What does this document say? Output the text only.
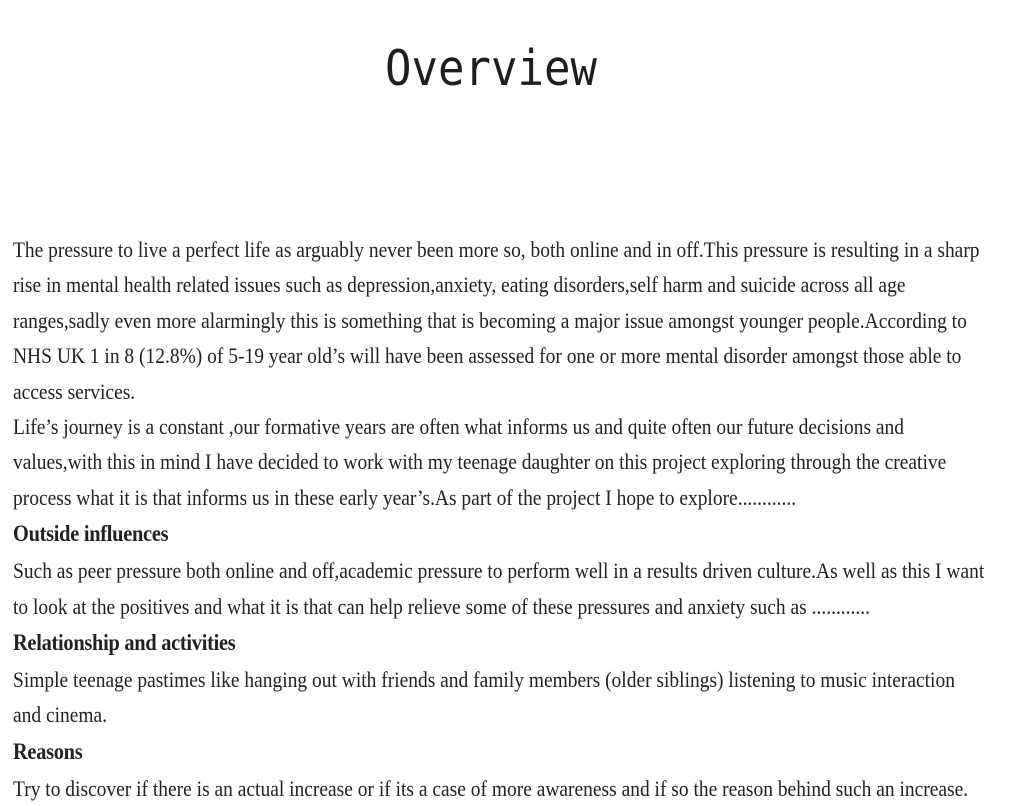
Overview

The pressure to live a perfect life as arguably never been more so, both online and in off.This pressure is resulting in a sharp rise in mental health related issues such as depression,anxiety, eating disorders,self harm and suicide across all age ranges,sadly even more alarmingly this is something that is becoming a major issue amongst younger people.According to NHS UK 1 in 8 (12.8%) of 5-19 year old’s will have been assessed for one or more mental disorder amongst those able to access services.

Life’s journey is a constant ,our formative years are often what informs us and quite often our future decisions and values,with this in mind I have decided to work with my teenage daughter on this project exploring through the creative process what it is that informs us in these early year’s.As part of the project I hope to explore............

Outside influences

Such as peer pressure both online and off,academic pressure to perform well in a results driven culture.As well as this I want to look at the positives and what it is that can help relieve some of these pressures and anxiety such as ............

Relationship and activities

Simple teenage pastimes like hanging out with friends and family members (older siblings) listening to music interaction and cinema.

Reasons

Try to discover if there is an actual increase or if its a case of more awareness and if so the reason behind such an increase.
